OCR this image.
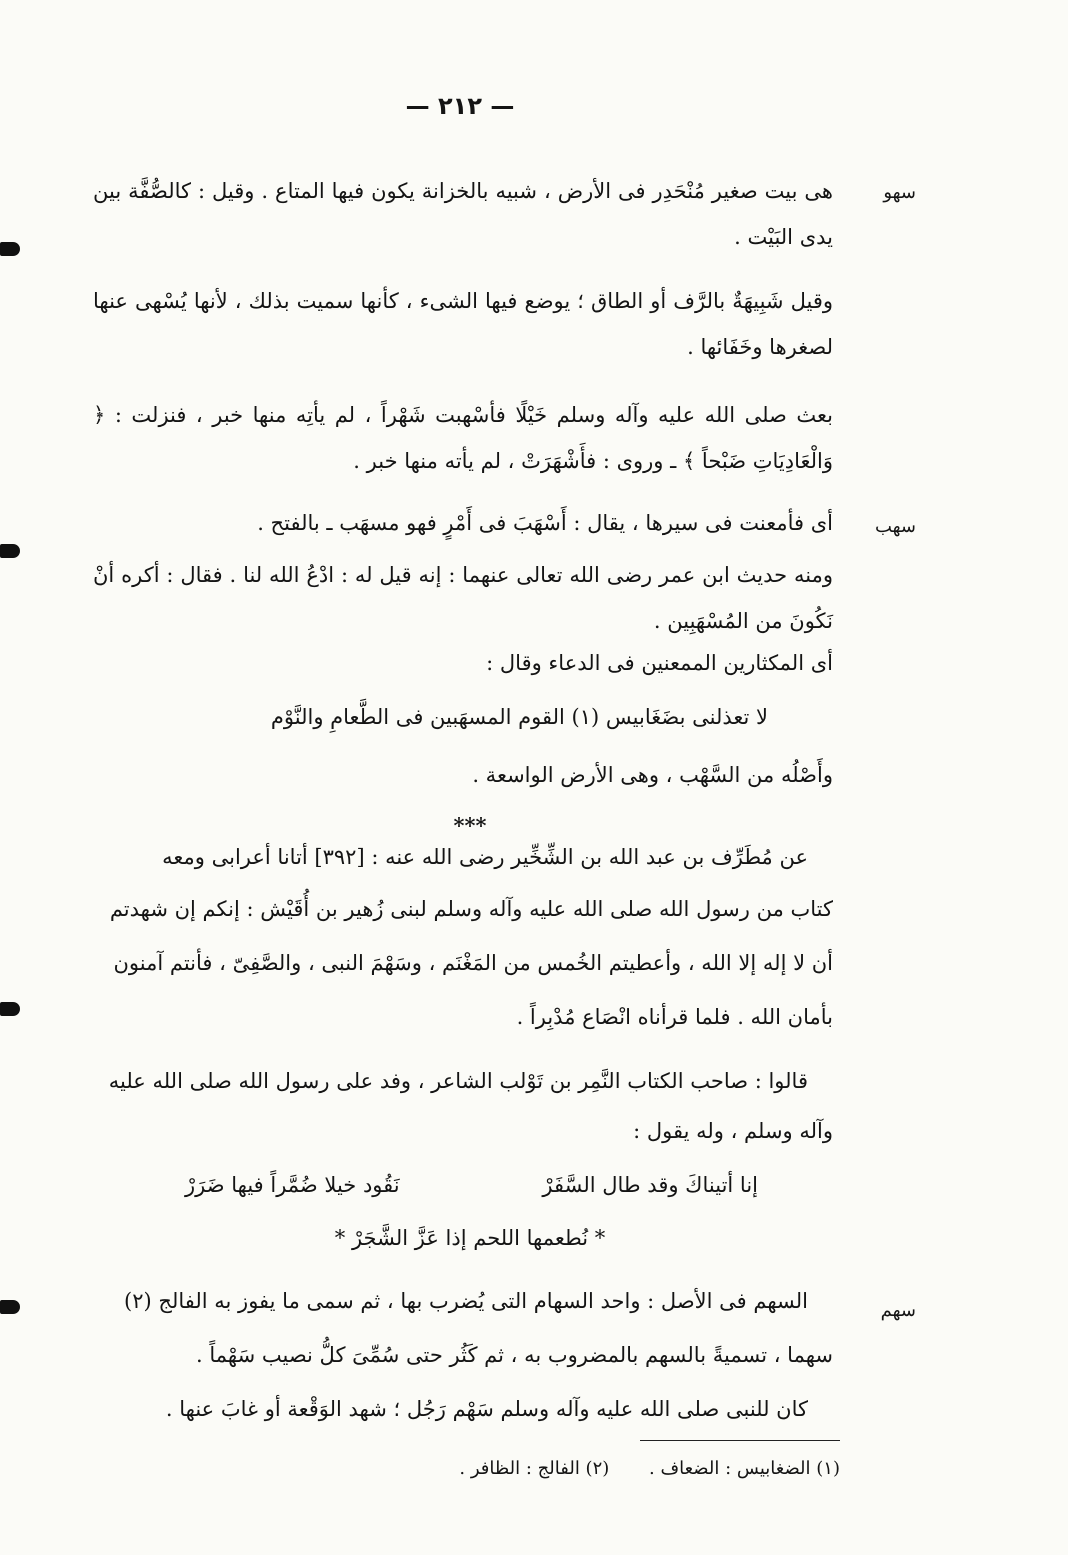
— ٢١٢ —
سهو

هى بيت صغير مُنْحَدِر فى الأرض ، شبيه بالخزانة يكون فيها المتاع . وقيل : كالصُّفَّة بين يدى البَيْت .

وقيل شَبِيهَةٌ بالرَّف أو الطاق ؛ يوضع فيها الشىء ، كأنها سميت بذلك ، لأنها يُسْهى عنها لصغرها وخَفَائها .

بعث صلى الله عليه وآله وسلم خَيْلًا فأسْهبت شَهْراً ، لم يأتِه منها خبر ، فنزلت : ﴿ وَالْعَادِيَاتِ ضَبْحاً ﴾ ـ وروى : فأَشْهَرَتْ ، لم يأته منها خبر .

سهب

أى فأمعنت فى سيرها ، يقال : أَسْهَبَ فى أَمْرٍ فهو مسهَب ـ بالفتح .

ومنه حديث ابن عمر رضى الله تعالى عنهما : إنه قيل له : ادْعُ الله لنا . فقال : أكره أنْ نَكُونَ من المُسْهَبِين .

أى المكثارين الممعنين فى الدعاء وقال :
لا تعذلنى بضَغَابيس (١) القوم المسهَبين فى الطَّعامِ والنَّوْم
وأَصْلُه من السَّهْب ، وهى الأرض الواسعة .
***
عن مُطَرِّف بن عبد الله بن الشِّخِّير رضى الله عنه : [٣٩٢] أتانا أعرابى ومعه
كتاب من رسول الله صلى الله عليه وآله وسلم لبنى زُهير بن أُقَيْش : إنكم إن شهدتم
أن لا إله إلا الله ، وأعطيتم الخُمس من المَغْنَم ، وسَهْمَ النبى ، والصَّفِىّ ، فأنتم آمنون
بأمان الله . فلما قرأناه انْصَاع مُدْبِراً .
قالوا : صاحب الكتاب النَّمِر بن تَوْلب الشاعر ، وفد على رسول الله صلى الله عليه
وآله وسلم ، وله يقول :
إنا أتيناكَ وقد طال السَّفَرْ
نَقُود خيلا ضُمَّراً فيها ضَرَرْ
* نُطعمها اللحم إذا عَزَّ الشَّجَرْ *
سهم
السهم فى الأصل : واحد السهام التى يُضرب بها ، ثم سمى ما يفوز به الفالج (٢)
سهما ، تسميةً بالسهم بالمضروب به ، ثم كَثُر حتى سُمِّىَ كلُّ نصيب سَهْماً .
كان للنبى صلى الله عليه وآله وسلم سَهْم رَجُل ؛ شهد الوَقْعة أو غابَ عنها .
(١) الضغابيس : الضعاف . (٢) الفالج : الظافر .
